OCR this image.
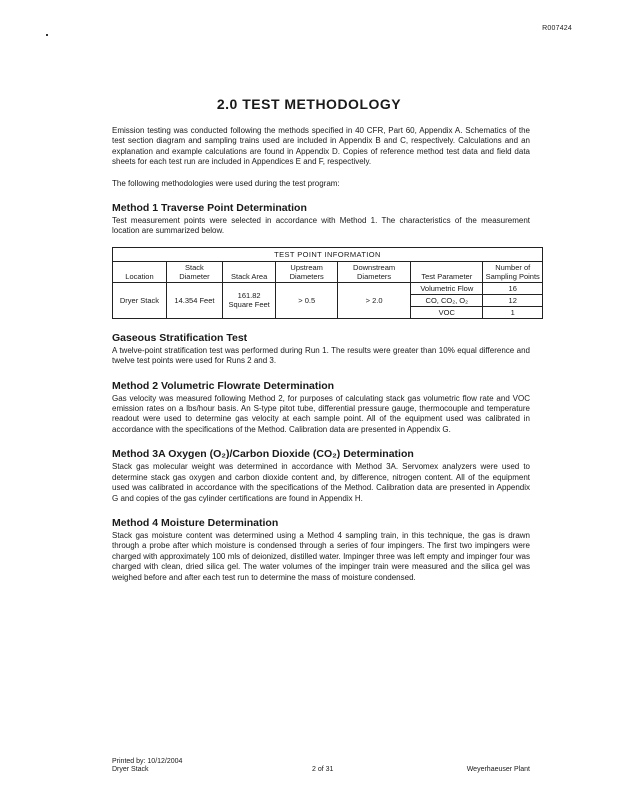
R007424
2.0 TEST METHODOLOGY

Emission testing was conducted following the methods specified in 40 CFR, Part 60, Appendix A. Schematics of the test section diagram and sampling trains used are included in Appendix B and C, respectively. Calculations and an explanation and example calculations are found in Appendix D. Copies of reference method test data and field data sheets for each test run are included in Appendices E and F, respectively.

The following methodologies were used during the test program:

Method 1 Traverse Point Determination

Test measurement points were selected in accordance with Method 1. The characteristics of the measurement location are summarized below.

TEST POINT INFORMATION						
Location	Stack Diameter	Stack Area	Upstream Diameters	Downstream Diameters	Test Parameter	Number of Sampling Points
Dryer Stack	14.354 Feet	161.82 Square Feet	> 0.5	> 2.0	Volumetric Flow	16
					CO, CO₂, O₂	12
					VOC	1
Gaseous Stratification Test

A twelve-point stratification test was performed during Run 1. The results were greater than 10% equal difference and twelve test points were used for Runs 2 and 3.

Method 2 Volumetric Flowrate Determination

Gas velocity was measured following Method 2, for purposes of calculating stack gas volumetric flow rate and VOC emission rates on a lbs/hour basis. An S-type pitot tube, differential pressure gauge, thermocouple and temperature readout were used to determine gas velocity at each sample point. All of the equipment used was calibrated in accordance with the specifications of the Method. Calibration data are presented in Appendix G.

Method 3A Oxygen (O₂)/Carbon Dioxide (CO₂) Determination

Stack gas molecular weight was determined in accordance with Method 3A. Servomex analyzers were used to determine stack gas oxygen and carbon dioxide content and, by difference, nitrogen content. All of the equipment used was calibrated in accordance with the specifications of the Method. Calibration data are presented in Appendix G and copies of the gas cylinder certifications are found in Appendix H.

Method 4 Moisture Determination

Stack gas moisture content was determined using a Method 4 sampling train, in this technique, the gas is drawn through a probe after which moisture is condensed through a series of four impingers. The first two impingers were charged with approximately 100 mls of deionized, distilled water. Impinger three was left empty and impinger four was charged with clean, dried silica gel. The water volumes of the impinger train were measured and the silica gel was weighed before and after each test run to determine the mass of moisture condensed.

Printed by: 10/12/2004
Dryer Stack	2 of 31	Weyerhaeuser Plant
